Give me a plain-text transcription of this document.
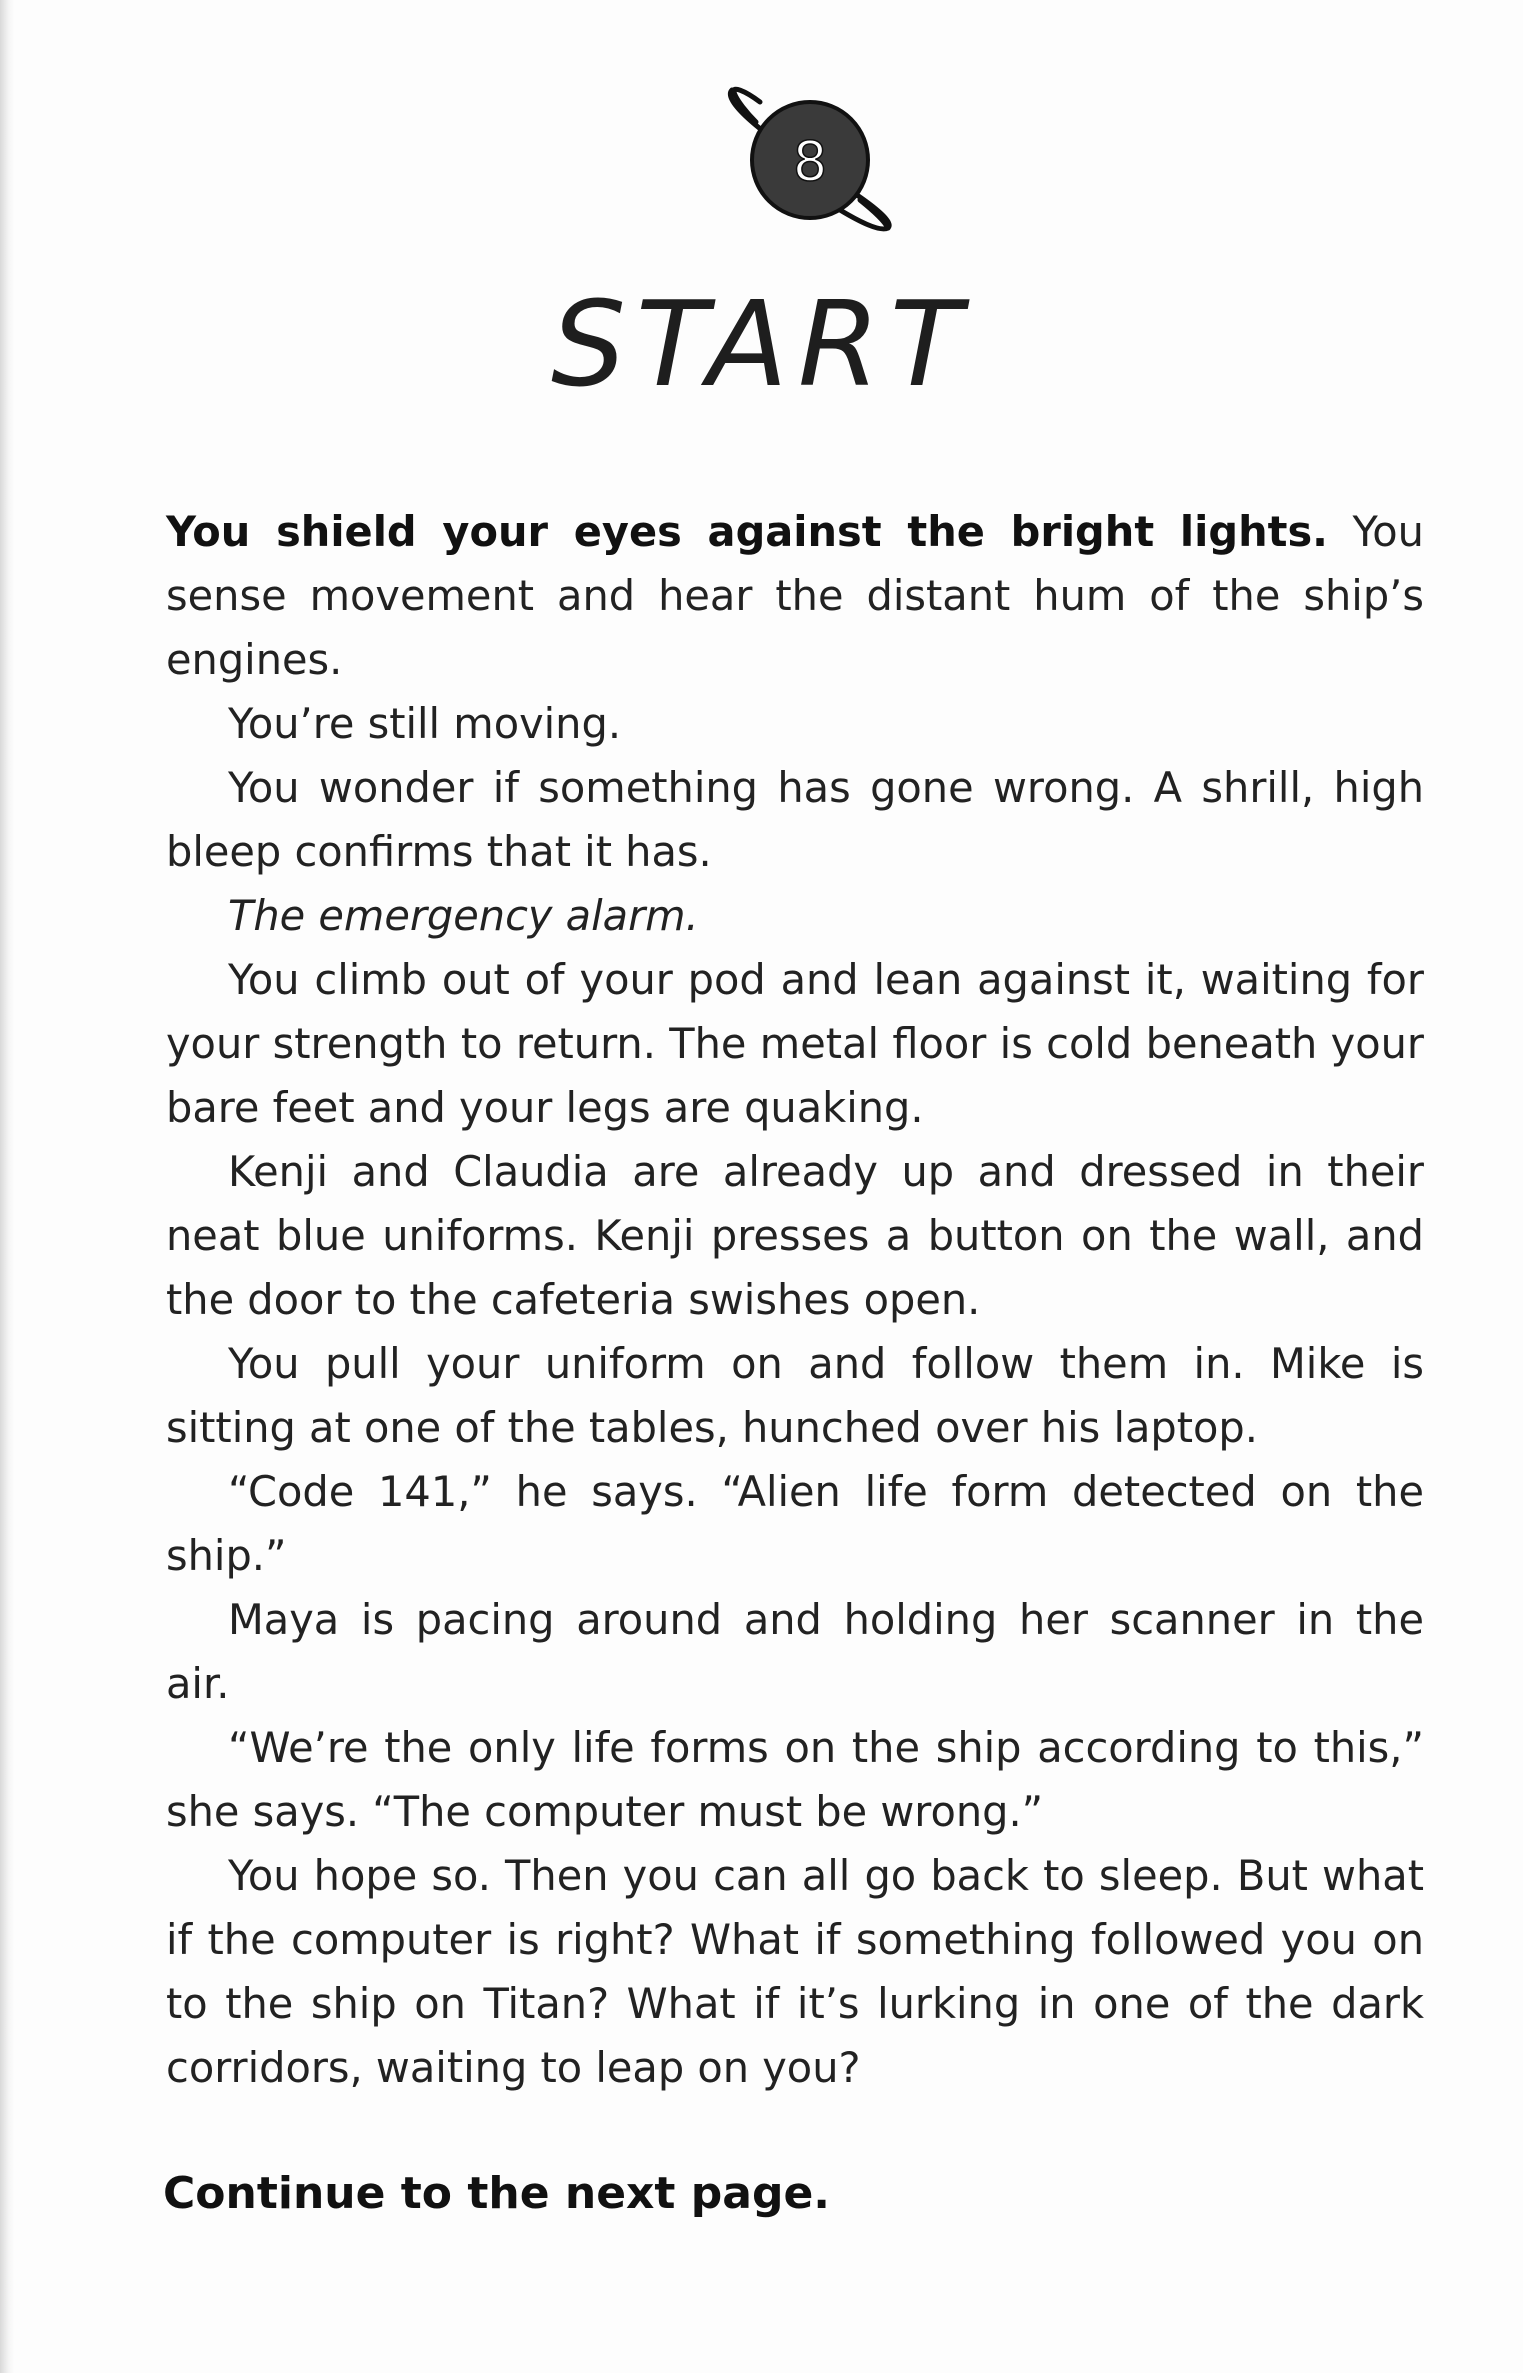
8
START

You shield your eyes against the bright lights. You sense movement and hear the distant hum of the ship’s engines.

You’re still moving.

You wonder if something has gone wrong. A shrill, high bleep confirms that it has.

The emergency alarm.

You climb out of your pod and lean against it, waiting for your strength to return. The metal floor is cold beneath your bare feet and your legs are quaking.

Kenji and Claudia are already up and dressed in their neat blue uniforms. Kenji presses a button on the wall, and the door to the cafeteria swishes open.

You pull your uniform on and follow them in. Mike is sitting at one of the tables, hunched over his laptop.

“Code 141,” he says. “Alien life form detected on the ship.”

Maya is pacing around and holding her scanner in the air.

“We’re the only life forms on the ship according to this,” she says. “The computer must be wrong.”

You hope so. Then you can all go back to sleep. But what if the computer is right? What if something followed you on to the ship on Titan? What if it’s lurking in one of the dark corridors, waiting to leap on you?

Continue to the next page.
